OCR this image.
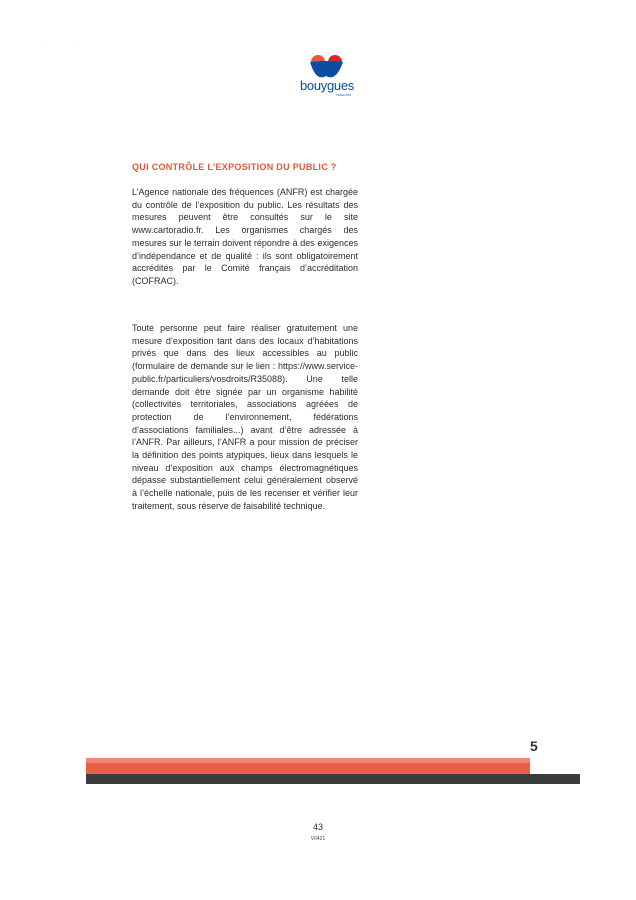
·	·
bouygues
TELECOM
QUI CONTRÔLE L’EXPOSITION DU PUBLIC ?

L’Agence nationale des fréquences (ANFR) est chargée du contrôle de l’exposition du public. Les résultats des mesures peuvent être consultés sur le site www.cartoradio.fr. Les organismes chargés des mesures sur le terrain doivent répondre à des exigences d’indépendance et de qualité : ils sont obligatoirement accrédités par le Comité français d’accréditation (COFRAC).

Toute personne peut faire réaliser gratuitement une mesure d’exposition tant dans des locaux d’habitations privés que dans des lieux accessibles au public (formulaire de demande sur le lien : https://www.service-public.fr/particuliers/vosdroits/R35088). Une telle demande doit être signée par un organisme habilité (collectivités territoriales, associations agréées de protection de l’environnement, fédérations d’associations familiales...) avant d’être adressée à l’ANFR. Par ailleurs, l’ANFR a pour mission de préciser la définition des points atypiques, lieux dans lesquels le niveau d’exposition aux champs électromagnétiques dépasse substantiellement celui généralement observé à l’échelle nationale, puis de les recenser et vérifier leur traitement, sous réserve de faisabilité technique.

5
43
V0421
